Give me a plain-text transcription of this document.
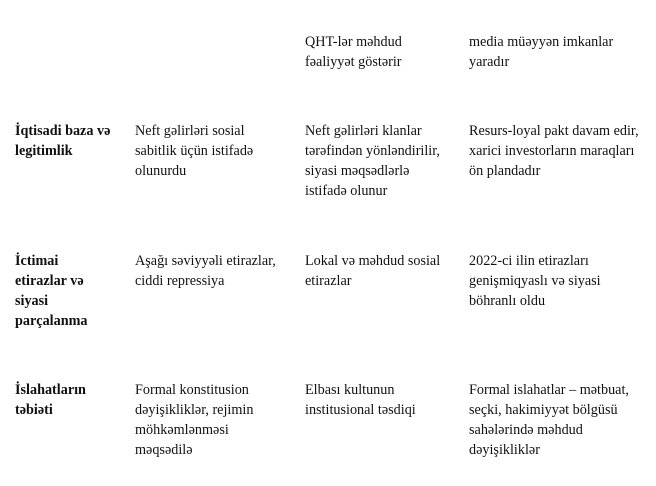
QHT-lər məhdud
fəaliyyət göstərir
media müəyyən imkanlar
yaradır
İqtisadi baza və
legitimlik
Neft gəlirləri sosial
sabitlik üçün istifadə
olunurdu
Neft gəlirləri klanlar
tərəfindən yönləndirilir,
siyasi məqsədlərlə
istifadə olunur
Resurs-loyal pakt davam edir,
xarici investorların maraqları
ön plandadır
İctimai
etirazlar və
siyasi
parçalanma
Aşağı səviyyəli etirazlar,
ciddi repressiya
Lokal və məhdud sosial
etirazlar
2022-ci ilin etirazları
genişmiqyaslı və siyasi
böhranlı oldu
İslahatların
təbiəti
Formal konstitusion
dəyişikliklər, rejimin
möhkəmlənməsi
məqsədilə
Elbası kultunun
institusional təsdiqi
Formal islahatlar – mətbuat,
seçki, hakimiyyət bölgüsü
sahələrində məhdud
dəyişikliklər
